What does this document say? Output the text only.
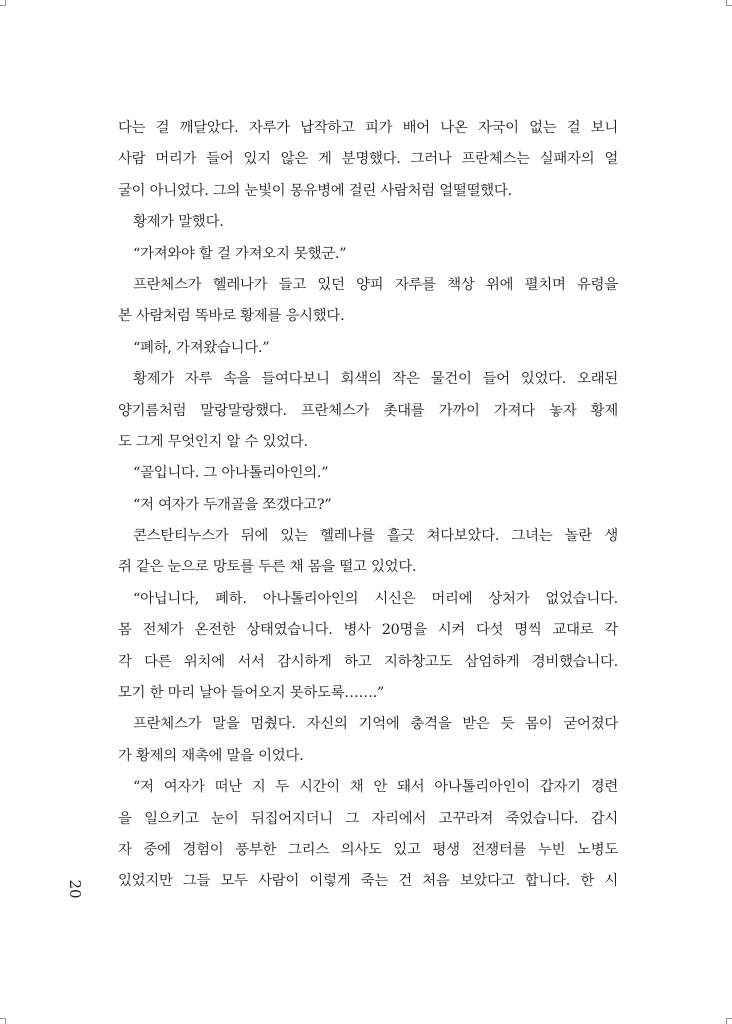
다는 걸 깨달았다. 자루가 납작하고 피가 배어 나온 자국이 없는 걸 보니
사람 머리가 들어 있지 않은 게 분명했다. 그러나 프란체스는 실패자의 얼
굴이 아니었다. 그의 눈빛이 몽유병에 걸린 사람처럼 얼떨떨했다.
황제가 말했다.
“가져와야 할 걸 가져오지 못했군.”
프란체스가 헬레나가 들고 있던 양피 자루를 책상 위에 펼치며 유령을
본 사람처럼 똑바로 황제를 응시했다.
“폐하, 가져왔습니다.”
황제가 자루 속을 들여다보니 회색의 작은 물건이 들어 있었다. 오래된
양기름처럼 말랑말랑했다. 프란체스가 촛대를 가까이 가져다 놓자 황제
도 그게 무엇인지 알 수 있었다.
“골입니다. 그 아나톨리아인의.”
“저 여자가 두개골을 쪼갰다고?”
콘스탄티누스가 뒤에 있는 헬레나를 흘긋 쳐다보았다. 그녀는 놀란 생
쥐 같은 눈으로 망토를 두른 채 몸을 떨고 있었다.
“아닙니다, 폐하. 아나톨리아인의 시신은 머리에 상처가 없었습니다.
몸 전체가 온전한 상태였습니다. 병사 20명을 시켜 다섯 명씩 교대로 각
각 다른 위치에 서서 감시하게 하고 지하창고도 삼엄하게 경비했습니다.
모기 한 마리 날아 들어오지 못하도록…….”
프란체스가 말을 멈췄다. 자신의 기억에 충격을 받은 듯 몸이 굳어졌다
가 황제의 재촉에 말을 이었다.
“저 여자가 떠난 지 두 시간이 채 안 돼서 아나톨리아인이 갑자기 경련
을 일으키고 눈이 뒤집어지더니 그 자리에서 고꾸라져 죽었습니다. 감시
자 중에 경험이 풍부한 그리스 의사도 있고 평생 전쟁터를 누빈 노병도
있었지만 그들 모두 사람이 이렇게 죽는 건 처음 보았다고 합니다. 한 시
20
